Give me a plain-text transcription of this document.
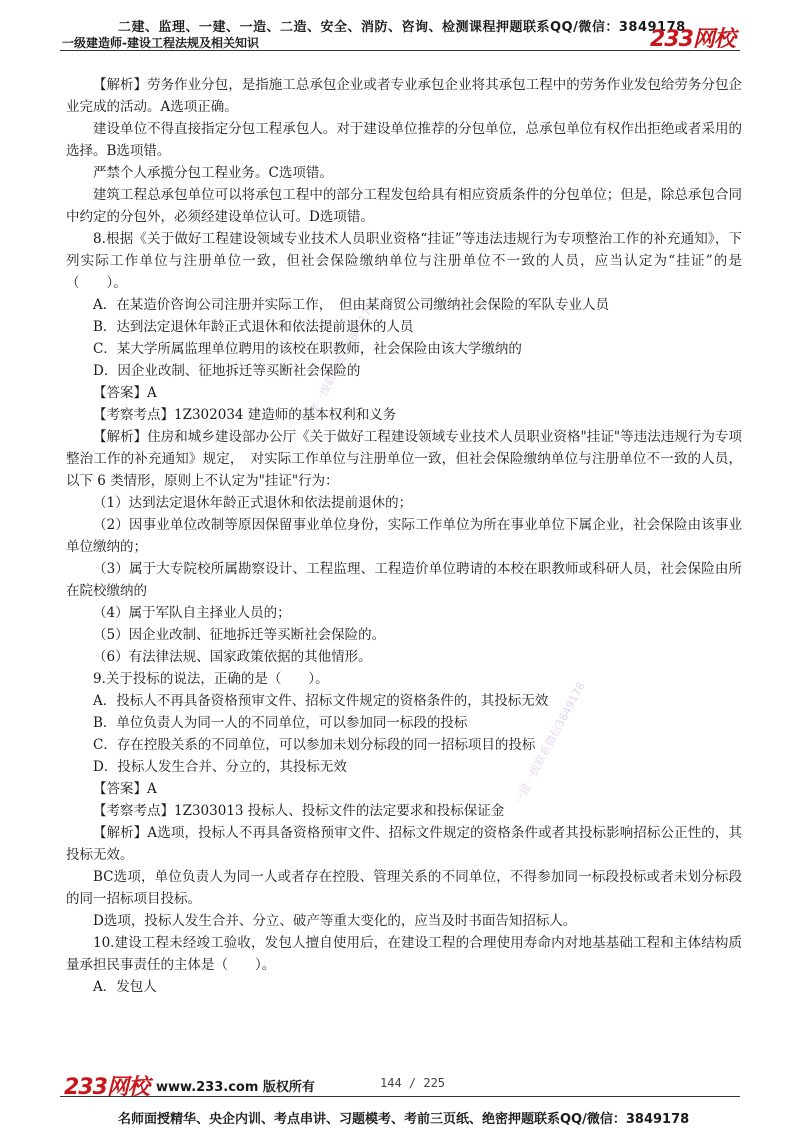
二建、监理、一建、一造、二造、安全、消防、咨询、检测课程押题联系QQ/微信：3849178
一级建造师-建设工程法规及相关知识	233网校
一建一级联系微信3849178
一建一级联系微信3849178

【解析】劳务作业分包，是指施工总承包企业或者专业承包企业将其承包工程中的劳务作业发包给劳务分包企业完成的活动。A选项正确。

建设单位不得直接指定分包工程承包人。对于建设单位推荐的分包单位，总承包单位有权作出拒绝或者采用的选择。B选项错。

严禁个人承揽分包工程业务。C选项错。

建筑工程总承包单位可以将承包工程中的部分工程发包给具有相应资质条件的分包单位；但是，除总承包合同中约定的分包外，必须经建设单位认可。D选项错。

8.根据《关于做好工程建设领域专业技术人员职业资格“挂证”等违法违规行为专项整治工作的补充通知》，下列实际工作单位与注册单位一致，但社会保险缴纳单位与注册单位不一致的人员，应当认定为“挂证”的是（　　）。

A．在某造价咨询公司注册并实际工作，　但由某商贸公司缴纳社会保险的军队专业人员

B．达到法定退休年龄正式退休和依法提前退休的人员

C．某大学所属监理单位聘用的该校在职教师，社会保险由该大学缴纳的

D．因企业改制、征地拆迁等买断社会保险的

【答案】A

【考察考点】1Z302034 建造师的基本权利和义务

【解析】住房和城乡建设部办公厅《关于做好工程建设领域专业技术人员职业资格"挂证"等违法违规行为专项整治工作的补充通知》规定，　对实际工作单位与注册单位一致，但社会保险缴纳单位与注册单位不一致的人员，以下 6 类情形，原则上不认定为"挂证"行为：

（1）达到法定退休年龄正式退休和依法提前退休的；

（2）因事业单位改制等原因保留事业单位身份，实际工作单位为所在事业单位下属企业，社会保险由该事业单位缴纳的；

（3）属于大专院校所属勘察设计、工程监理、工程造价单位聘请的本校在职教师或科研人员，社会保险由所在院校缴纳的

（4）属于军队自主择业人员的；

（5）因企业改制、征地拆迁等买断社会保险的。

（6）有法律法规、国家政策依据的其他情形。

9.关于投标的说法，正确的是（　　）。

A．投标人不再具备资格预审文件、招标文件规定的资格条件的，其投标无效

B．单位负责人为同一人的不同单位，可以参加同一标段的投标

C．存在控股关系的不同单位，可以参加未划分标段的同一招标项目的投标

D．投标人发生合并、分立的，其投标无效

【答案】A

【考察考点】1Z303013 投标人、投标文件的法定要求和投标保证金

【解析】A选项，投标人不再具备资格预审文件、招标文件规定的资格条件或者其投标影响招标公正性的，其投标无效。

BC选项，单位负责人为同一人或者存在控股、管理关系的不同单位，不得参加同一标段投标或者未划分标段的同一招标项目投标。

D选项，投标人发生合并、分立、破产等重大变化的，应当及时书面告知招标人。

10.建设工程未经竣工验收，发包人擅自使用后，在建设工程的合理使用寿命内对地基基础工程和主体结构质量承担民事责任的主体是（　　）。

A．发包人

233网校 www.233.com 版权所有	144 / 225
名师面授精华、央企内训、考点串讲、习题模考、考前三页纸、绝密押题联系QQ/微信：3849178
